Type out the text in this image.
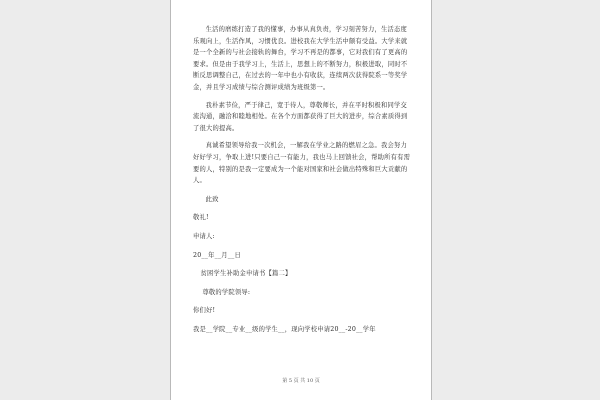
生活的磨练打造了我的懂事，办事从真负责，学习刻苦努力，生活态度乐观向上，生活作风，习惯优良。进校我在大学生活中颇有受益。大学来就是一个全新的与社会接轨的舞台，学习不再是的都事，它对我们有了更高的要求。但是由于我学习上，生活上，思想上的不断努力，积极进取，同时不断反思调整自己，在过去的一年中也小有收获，连续两次获得院系一等奖学金，并且学习成绩与综合测评成绩为班级第一。

我朴素节俭，严于律己，宽于待人，尊敬师长，并在平时积极和同学交流沟通，融洽和睦地相处。在各个方面都获得了巨大的进步，综合素质得到了很大的提高。

真诚希望领导给我一次机会，一解我在学业之路的燃眉之急。我会努力好好学习，争取上进!只要自己一有能力，我也马上回馈社会，帮助所有有需要的人，特别的是我一定要成为一个能对国家和社会做出特殊和巨大贡献的人。

此致

敬礼!

申请人:

20__年__月__日

贫困学生补助金申请书【篇二】

尊敬的学院领导:

你们好!

我是__学院__专业__级的学生__，现向学校申请20__-20__学年

第 5 页 共 10 页
